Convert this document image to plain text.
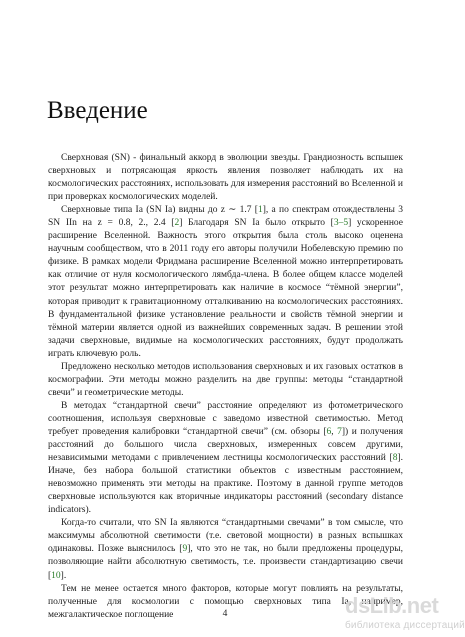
Введение

Сверхновая (SN) - финальный аккорд в эволюции звезды. Грандиозность вспышек сверхновых и потрясающая яркость явления позволяет наблюдать их на космологических расстояниях, использовать для измерения расстояний во Вселенной и при проверках космологических моделей.

Сверхновые типа Ia (SN Ia) видны до z ∼ 1.7 [1], а по спектрам отождествлены 3 SN IIn на z = 0.8, 2., 2.4 [2] Благодаря SN Ia было открыто [3–5] ускоренное расширение Вселенной. Важность этого открытия была столь высоко оценена научным сообществом, что в 2011 году его авторы получили Нобелевскую премию по физике. В рамках модели Фридмана расширение Вселенной можно интерпретировать как отличие от нуля космологического лямбда-члена. В более общем классе моделей этот результат можно интерпретировать как наличие в космосе “тёмной энергии”, которая приводит к гравитационному отталкиванию на космологических расстояниях. В фундаментальной физике установление реальности и свойств тёмной энергии и тёмной материи является одной из важнейших современных задач. В решении этой задачи сверхновые, видимые на космологических расстояниях, будут продолжать играть ключевую роль.

Предложено несколько методов использования сверхновых и их газовых остатков в космографии. Эти методы можно разделить на две группы: методы “стандартной свечи” и геометрические методы.

В методах “стандартной свечи” расстояние определяют из фотометрического соотношения, используя сверхновые с заведомо известной светимостью. Метод требует проведения калибровки “стандартной свечи” (см. обзоры [6, 7]) и получения расстояний до большого числа сверхновых, измеренных совсем другими, независимыми методами с привлечением лестницы космологических расстояний [8]. Иначе, без набора большой статистики объектов с известным расстоянием, невозможно применять эти методы на практике. Поэтому в данной группе методов сверхновые используются как вторичные индикаторы расстояний (secondary distance indicators).

Когда-то считали, что SN Ia являются “стандартными свечами” в том смысле, что максимумы абсолютной светимости (т.е. световой мощности) в разных вспышках одинаковы. Позже выяснилось [9], что это не так, но были предложены процедуры, позволяющие найти абсолютную светимость, т.е. произвести стандартизацию свечи [10].

Тем не менее остается много факторов, которые могут повлиять на результаты, полученные для космологии с помощью сверхновых типа Ia, например, межгалактическое поглощение	4	dsLib.net
библиотека диссертаций
